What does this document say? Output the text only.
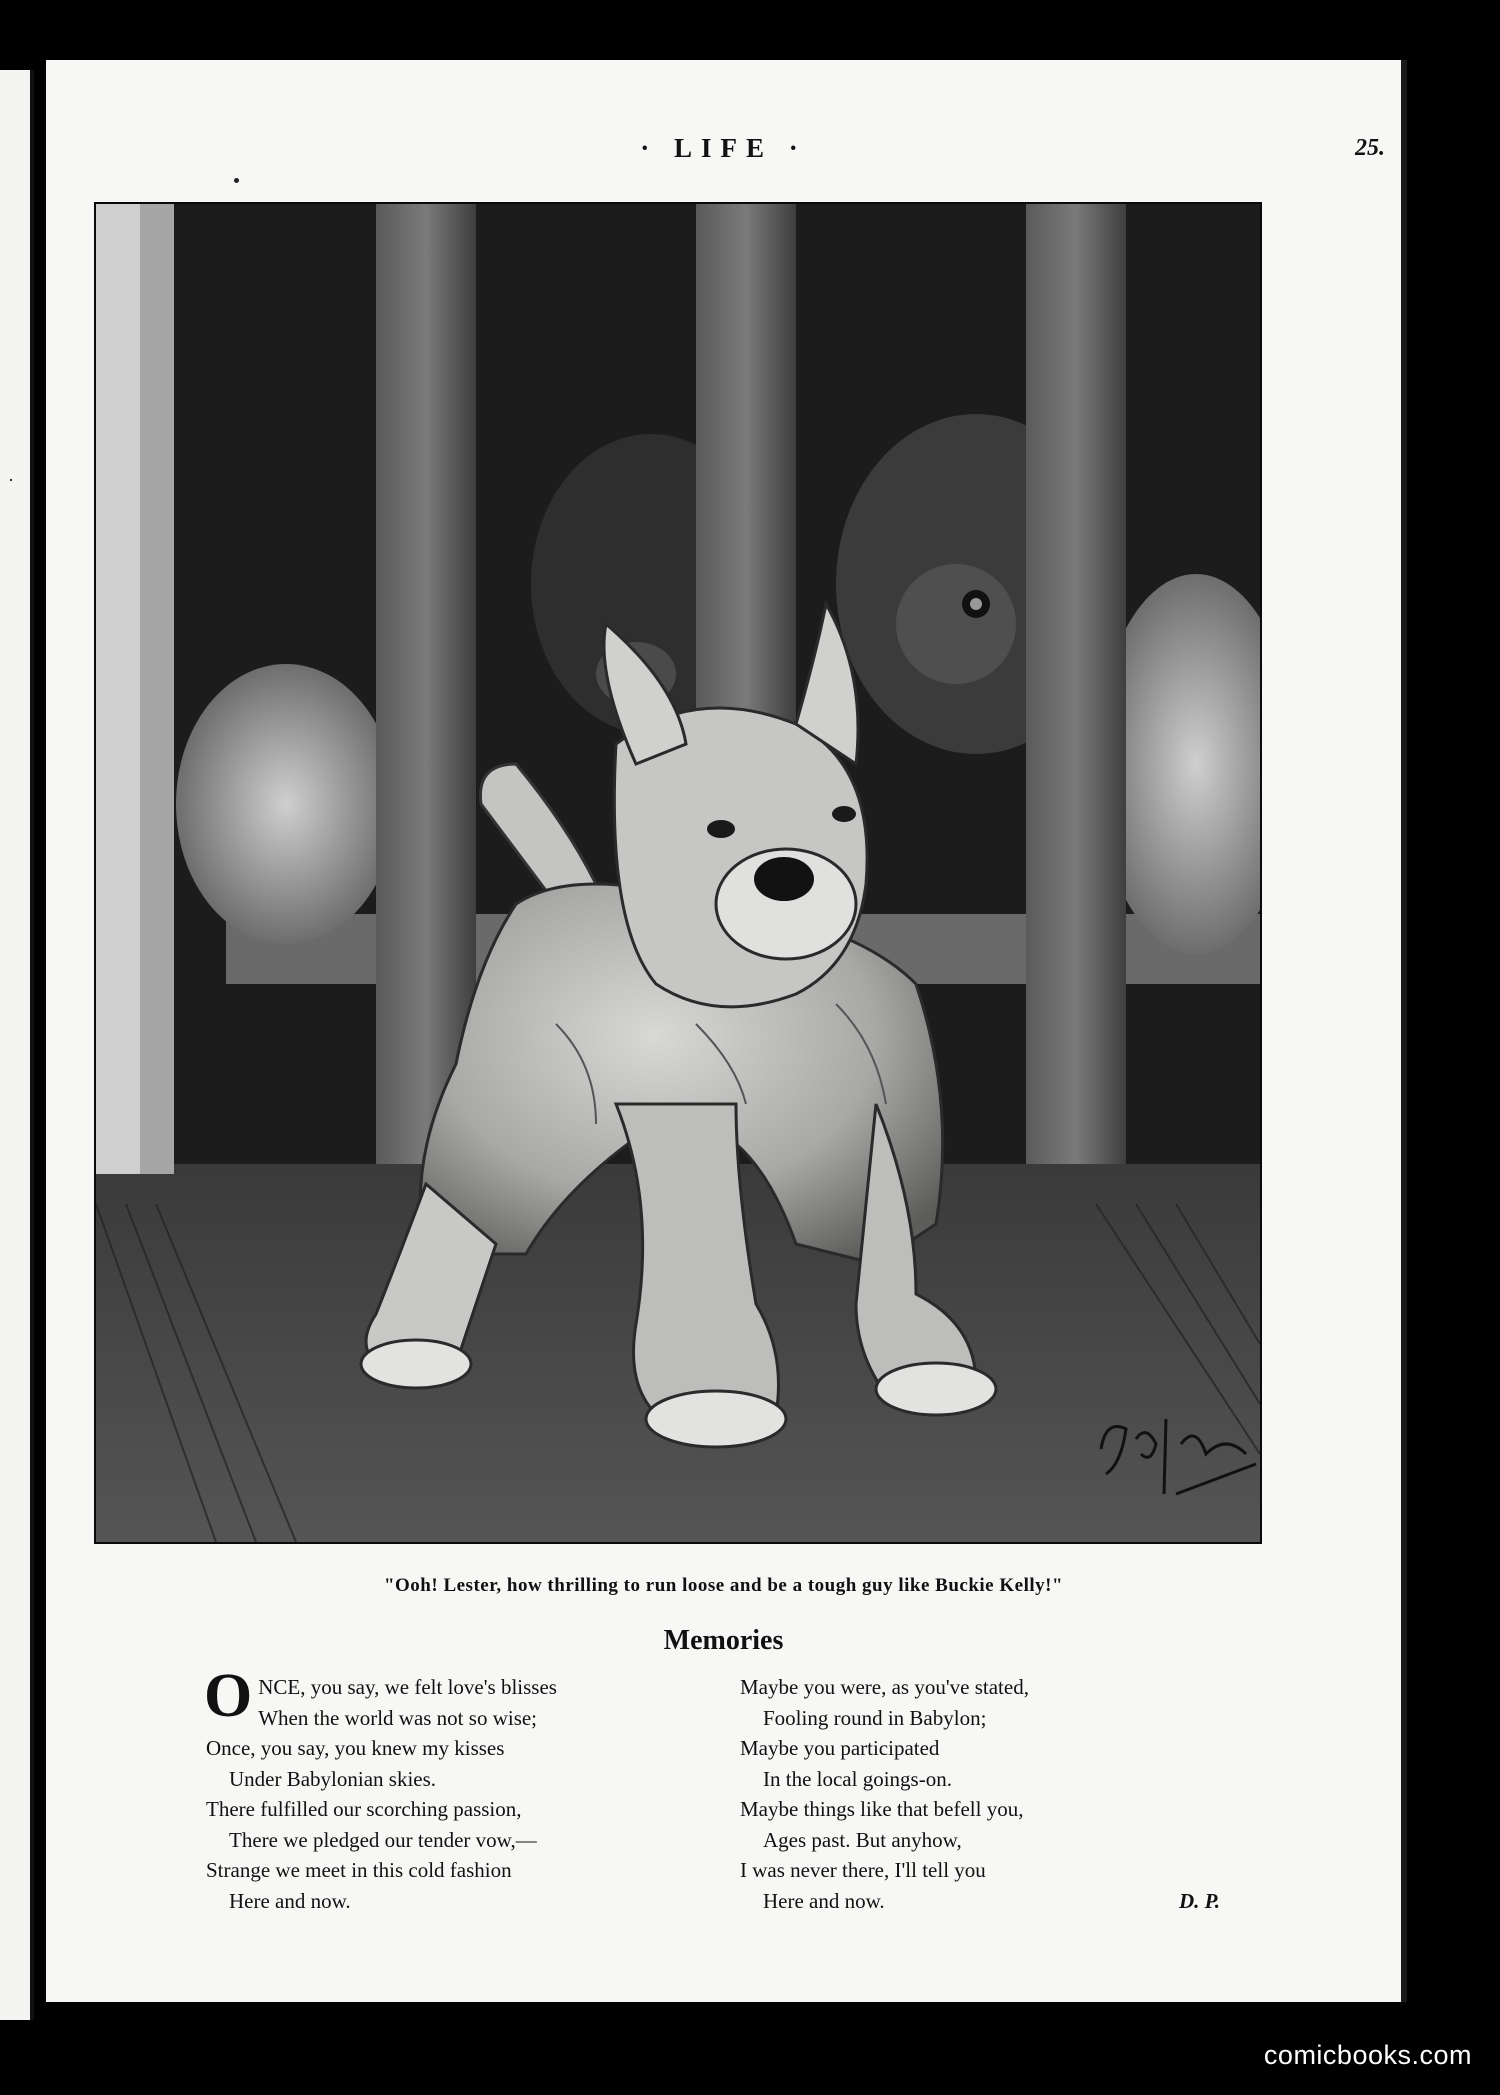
·
· LIFE ·	25.
"Ooh! Lester, how thrilling to run loose and be a tough guy like Buckie Kelly!"
Memories
ONCE, you say, we felt love's blisses
When the world was not so wise;
Once, you say, you knew my kisses
Under Babylonian skies.
There fulfilled our scorching passion,
There we pledged our tender vow,—
Strange we meet in this cold fashion
Here and now.
Maybe you were, as you've stated,
Fooling round in Babylon;
Maybe you participated
In the local goings-on.
Maybe things like that befell you,
Ages past. But anyhow,
I was never there, I'll tell you
Here and now.	D. P.
comicbooks.com
